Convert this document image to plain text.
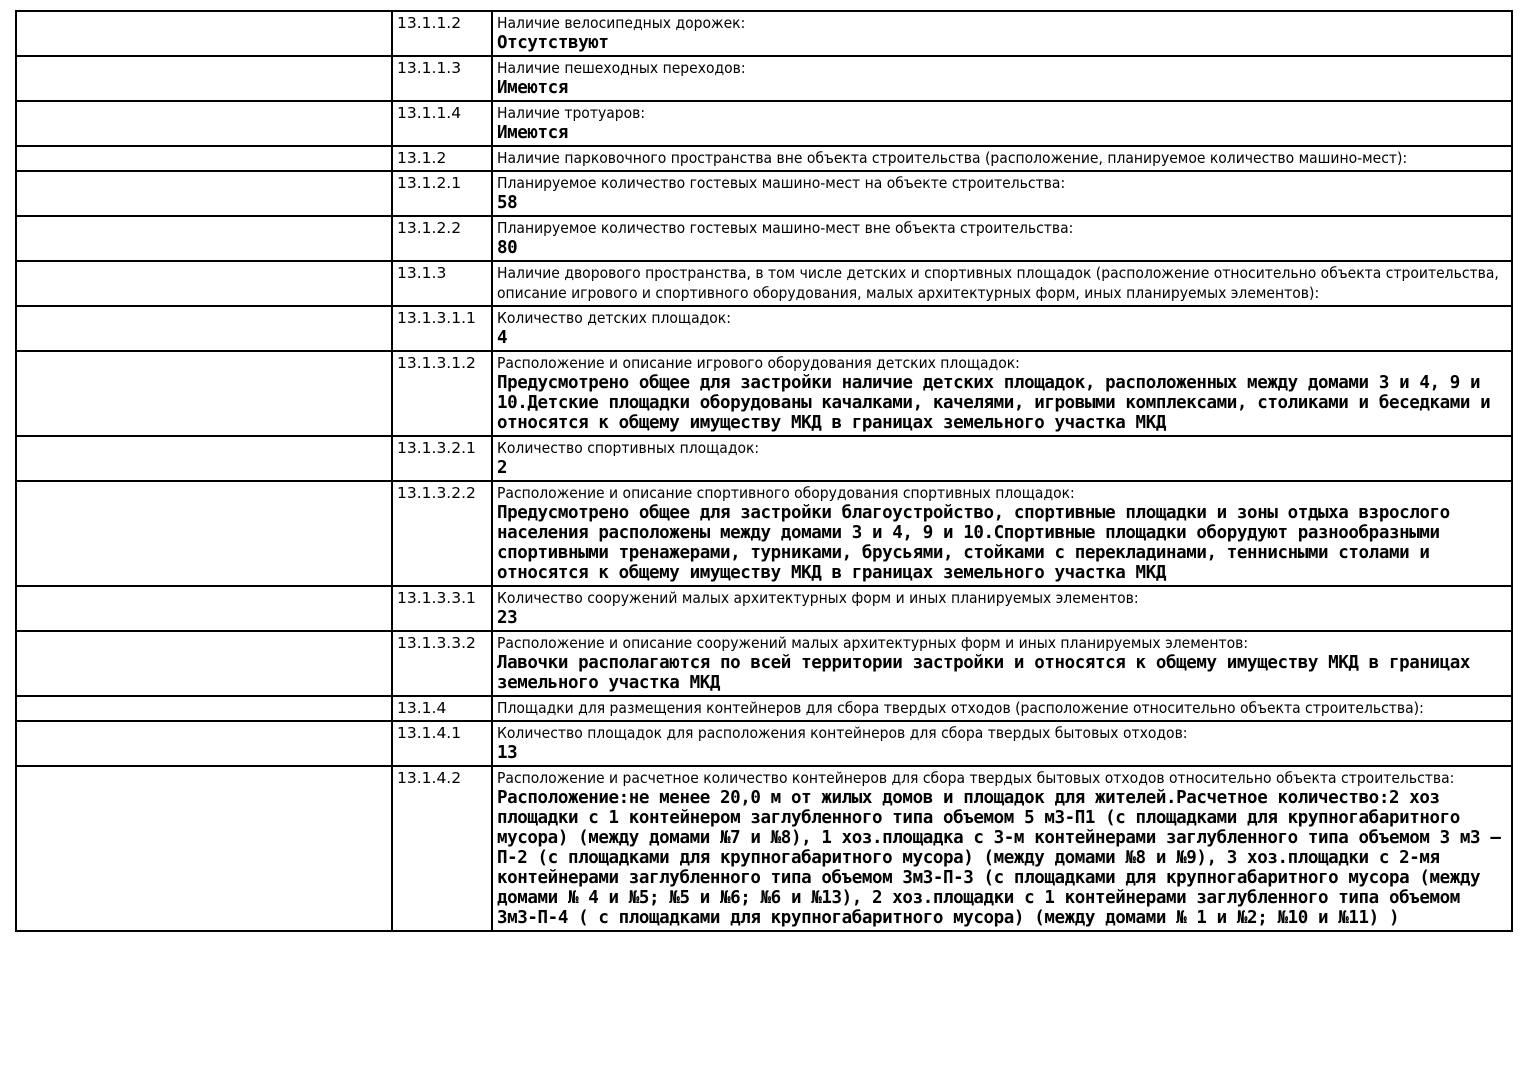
	13.1.1.2	Наличие велосипедных дорожек:
Отсутствуют

	13.1.1.3	Наличие пешеходных переходов:
Имеются

	13.1.1.4	Наличие тротуаров:
Имеются

	13.1.2	Наличие парковочного пространства вне объекта строительства (расположение, планируемое количество машино-мест):

	13.1.2.1	Планируемое количество гостевых машино-мест на объекте строительства:
58

	13.1.2.2	Планируемое количество гостевых машино-мест вне объекта строительства:
80

	13.1.3	Наличие дворового пространства, в том числе детских и спортивных площадок (расположение относительно объекта строительства, описание игрового и спортивного оборудования, малых архитектурных форм, иных планируемых элементов):

	13.1.3.1.1	Количество детских площадок:
4

	13.1.3.1.2	Расположение и описание игрового оборудования детских площадок:
Предусмотрено общее для застройки наличие детских площадок, расположенных между домами 3 и 4, 9 и 10.Детские площадки оборудованы качалками, качелями, игровыми комплексами, столиками и беседками и относятся к общему имуществу МКД в границах земельного участка МКД

	13.1.3.2.1	Количество спортивных площадок:
2

	13.1.3.2.2	Расположение и описание спортивного оборудования спортивных площадок:
Предусмотрено общее для застройки благоустройство, спортивные площадки и зоны отдыха взрослого населения расположены между домами 3 и 4, 9 и 10.Спортивные площадки оборудуют разнообразными спортивными тренажерами, турниками, брусьями, стойками с перекладинами, теннисными столами и относятся к общему имуществу МКД в границах земельного участка МКД

	13.1.3.3.1	Количество сооружений малых архитектурных форм и иных планируемых элементов:
23

	13.1.3.3.2	Расположение и описание сооружений малых архитектурных форм и иных планируемых элементов:
Лавочки располагаются по всей территории застройки и относятся к общему имуществу МКД в границах земельного участка МКД

	13.1.4	Площадки для размещения контейнеров для сбора твердых отходов (расположение относительно объекта строительства):

	13.1.4.1	Количество площадок для расположения контейнеров для сбора твердых бытовых отходов:
13

	13.1.4.2	Расположение и расчетное количество контейнеров для сбора твердых бытовых отходов относительно объекта строительства:
Расположение:не менее 20,0 м от жилых домов и площадок для жителей.Расчетное количество:2 хоз площадки с 1 контейнером заглубленного типа объемом 5 м3-П1 (с площадками для крупногабаритного мусора) (между домами №7 и №8), 1 хоз.площадка с 3-м контейнерами заглубленного типа объемом 3 м3 – П-2 (с площадками для крупногабаритного мусора) (между домами №8 и №9), 3 хоз.площадки с 2-мя контейнерами заглубленного типа объемом 3м3-П-3 (с площадками для крупногабаритного мусора (между домами № 4 и №5; №5 и №6; №6 и №13), 2 хоз.площадки с 1 контейнерами заглубленного типа объемом 3м3-П-4 ( с площадками для крупногабаритного мусора) (между домами № 1 и №2; №10 и №11) )
